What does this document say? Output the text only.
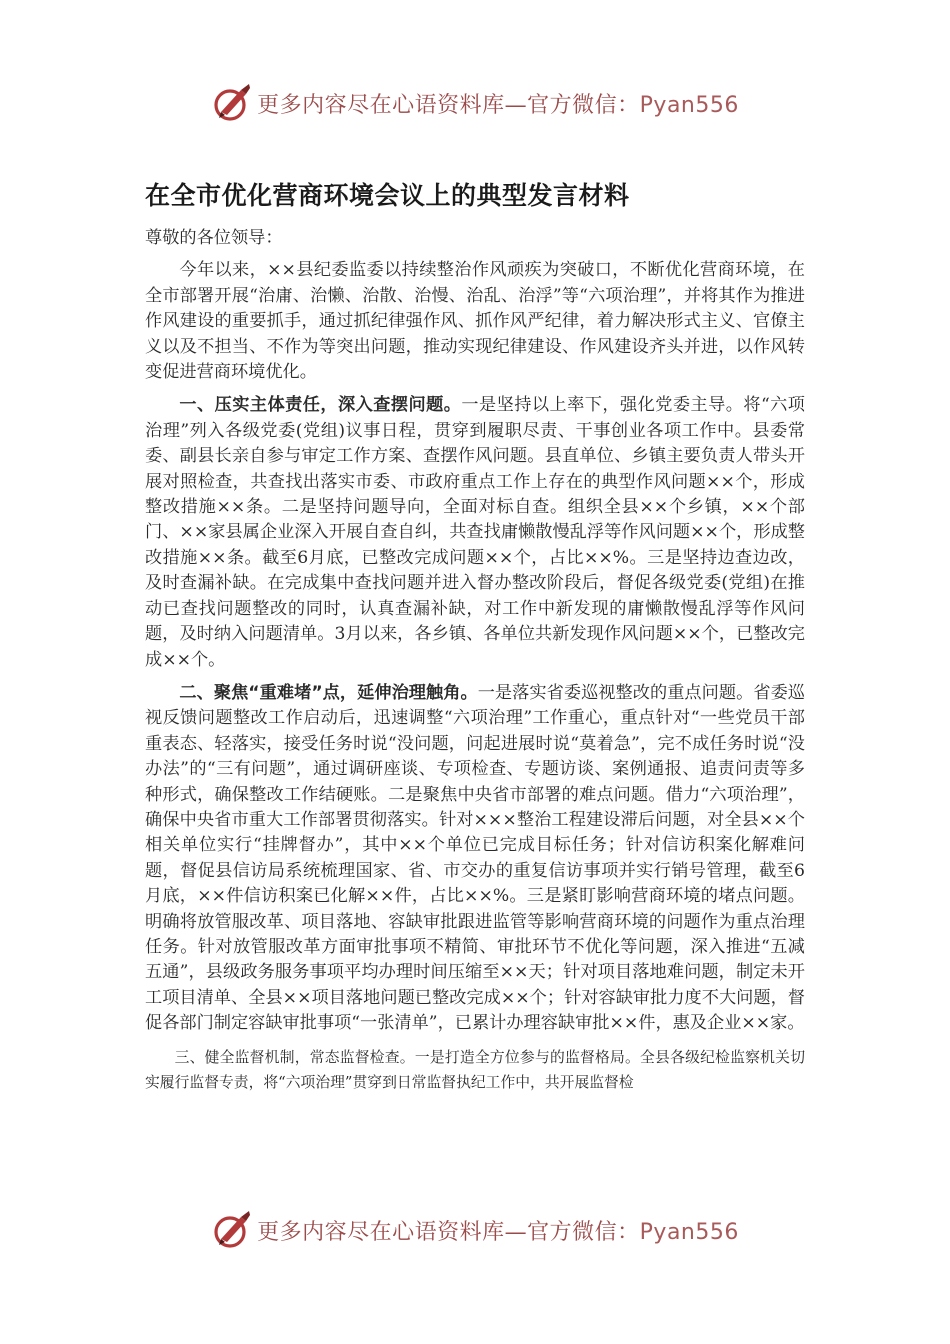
更多内容尽在心语资料库—官方微信：Pyan556
在全市优化营商环境会议上的典型发言材料

尊敬的各位领导：

今年以来，××县纪委监委以持续整治作风顽疾为突破口，不断优化营商环境，在全市部署开展“治庸、治懒、治散、治慢、治乱、治浮”等“六项治理”，并将其作为推进作风建设的重要抓手，通过抓纪律强作风、抓作风严纪律，着力解决形式主义、官僚主义以及不担当、不作为等突出问题，推动实现纪律建设、作风建设齐头并进，以作风转变促进营商环境优化。

一、压实主体责任，深入查摆问题。一是坚持以上率下，强化党委主导。将“六项治理”列入各级党委(党组)议事日程，贯穿到履职尽责、干事创业各项工作中。县委常委、副县长亲自参与审定工作方案、查摆作风问题。县直单位、乡镇主要负责人带头开展对照检查，共查找出落实市委、市政府重点工作上存在的典型作风问题××个，形成整改措施××条。二是坚持问题导向，全面对标自查。组织全县××个乡镇，××个部门、××家县属企业深入开展自查自纠，共查找庸懒散慢乱浮等作风问题××个，形成整改措施××条。截至6月底，已整改完成问题××个，占比××%。三是坚持边查边改，及时查漏补缺。在完成集中查找问题并进入督办整改阶段后，督促各级党委(党组)在推动已查找问题整改的同时，认真查漏补缺，对工作中新发现的庸懒散慢乱浮等作风问题，及时纳入问题清单。3月以来，各乡镇、各单位共新发现作风问题××个，已整改完成××个。

二、聚焦“重难堵”点，延伸治理触角。一是落实省委巡视整改的重点问题。省委巡视反馈问题整改工作启动后，迅速调整“六项治理”工作重心，重点针对“一些党员干部重表态、轻落实，接受任务时说“没问题，问起进展时说“莫着急”，完不成任务时说“没办法”的“三有问题”，通过调研座谈、专项检查、专题访谈、案例通报、追责问责等多种形式，确保整改工作结硬账。二是聚焦中央省市部署的难点问题。借力“六项治理”，确保中央省市重大工作部署贯彻落实。针对×××整治工程建设滞后问题，对全县××个相关单位实行“挂牌督办”，其中××个单位已完成目标任务；针对信访积案化解难问题，督促县信访局系统梳理国家、省、市交办的重复信访事项并实行销号管理，截至6月底，××件信访积案已化解××件，占比××%。三是紧盯影响营商环境的堵点问题。明确将放管服改革、项目落地、容缺审批跟进监管等影响营商环境的问题作为重点治理任务。针对放管服改革方面审批事项不精简、审批环节不优化等问题，深入推进“五减五通”，县级政务服务事项平均办理时间压缩至××天；针对项目落地难问题，制定未开工项目清单、全县××项目落地问题已整改完成××个；针对容缺审批力度不大问题，督促各部门制定容缺审批事项“一张清单”，已累计办理容缺审批××件，惠及企业××家。

三、健全监督机制，常态监督检查。一是打造全方位参与的监督格局。全县各级纪检监察机关切实履行监督专责，将“六项治理”贯穿到日常监督执纪工作中，共开展监督检

更多内容尽在心语资料库—官方微信：Pyan556
